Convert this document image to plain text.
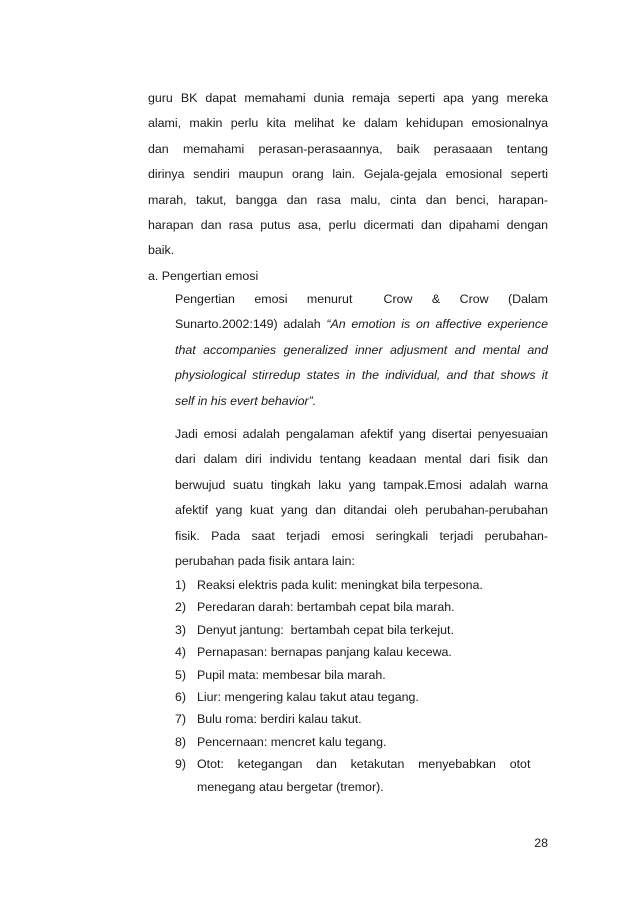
guru BK dapat memahami dunia remaja seperti apa yang mereka
alami, makin perlu kita melihat ke dalam kehidupan emosionalnya
dan memahami perasan-perasaannya, baik perasaaan tentang
dirinya sendiri maupun orang lain. Gejala-gejala emosional seperti
marah, takut, bangga dan rasa malu, cinta dan benci, harapan-
harapan dan rasa putus asa, perlu dicermati dan dipahami dengan
baik.
a. Pengertian emosi
Pengertian     emosi     menurut        Crow     &     Crow     (Dalam
Sunarto.2002:149) adalah “An emotion is on affective experience
that accompanies generalized inner adjusment and mental and
physiological stirredup states in the individual, and that shows it
self in his evert behavior”.
Jadi emosi adalah pengalaman afektif yang disertai penyesuaian
dari dalam diri individu tentang keadaan mental dari fisik dan
berwujud suatu tingkah laku yang tampak.Emosi adalah warna
afektif yang kuat yang dan ditandai oleh perubahan-perubahan
fisik. Pada saat terjadi emosi seringkali terjadi perubahan-
perubahan pada fisik antara lain:
1) Reaksi elektris pada kulit: meningkat bila terpesona.
2) Peredaran darah: bertambah cepat bila marah.
3) Denyut jantung:  bertambah cepat bila terkejut.
4) Pernapasan: bernapas panjang kalau kecewa.
5) Pupil mata: membesar bila marah.
6) Liur: mengering kalau takut atau tegang.
7) Bulu roma: berdiri kalau takut.
8) Pencernaan: mencret kalu tegang.
9) Otot:    ketegangan    dan    ketakutan    menyebabkan    otot
menegang atau bergetar (tremor).
28
